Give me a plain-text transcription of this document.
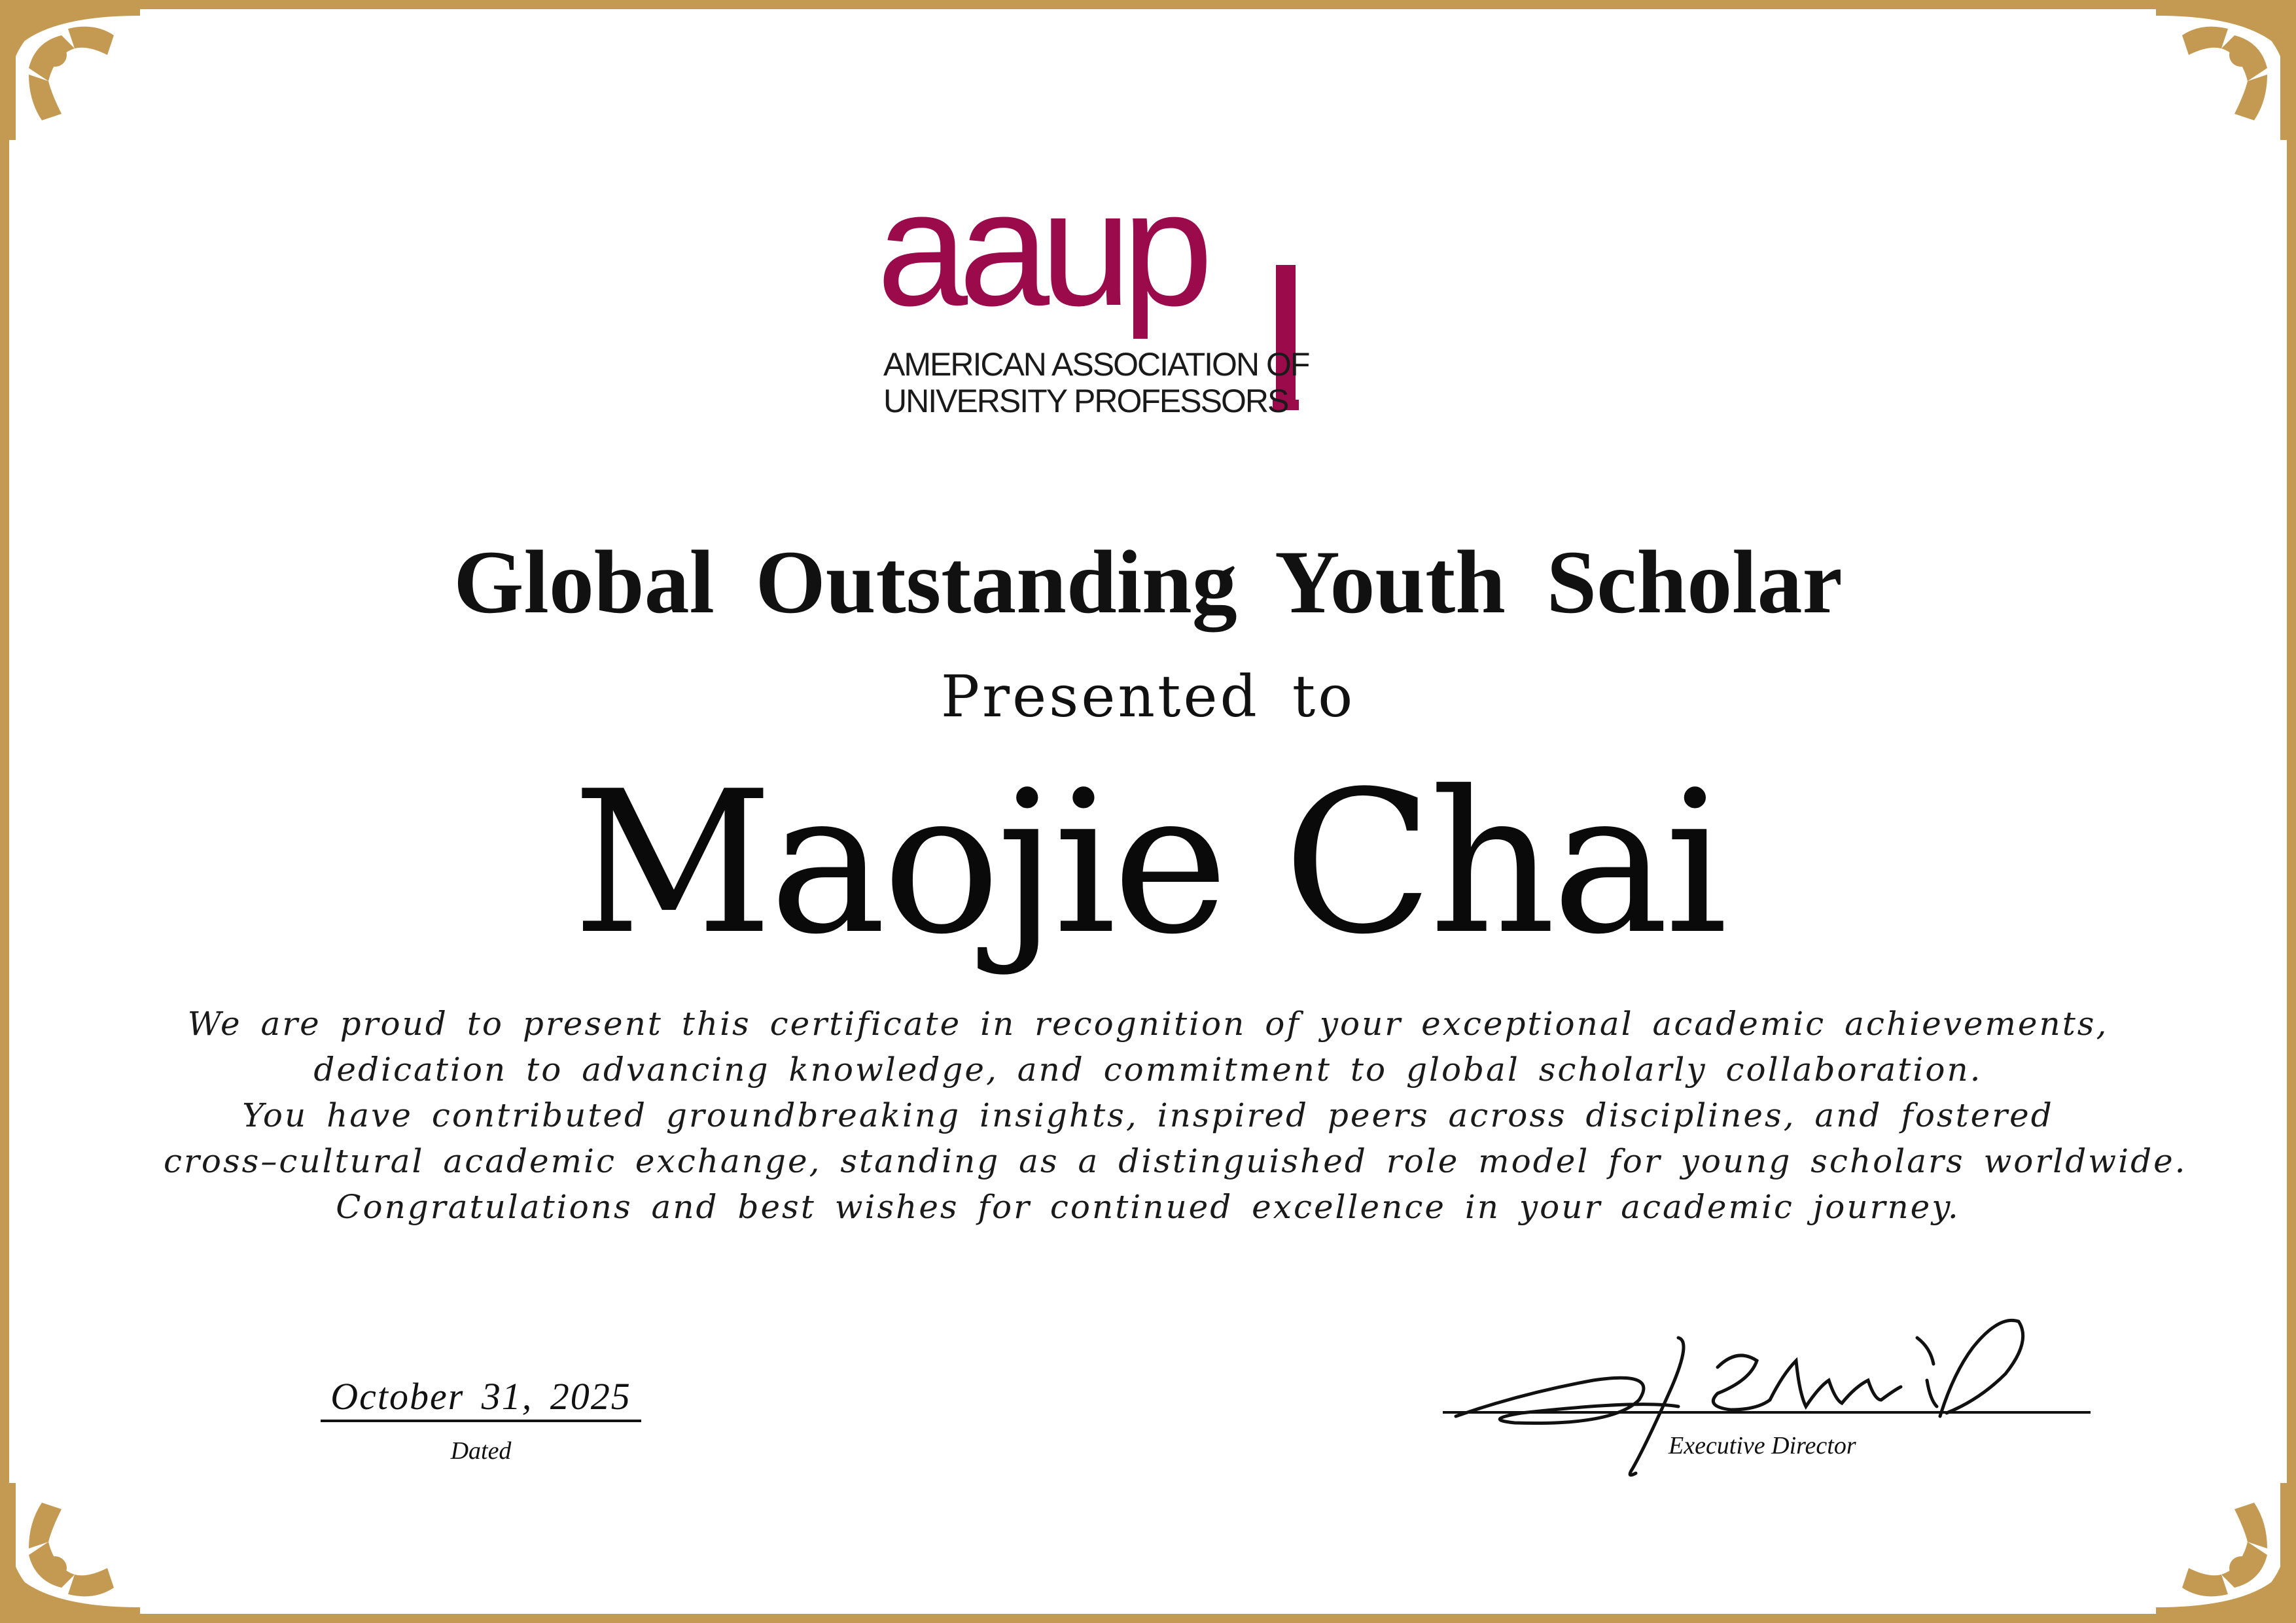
aaup
AMERICAN ASSOCIATION OF
UNIVERSITY PROFESSORS
Global Outstanding Youth Scholar
Presented to
Maojie Chai
We are proud to present this certificate in recognition of your exceptional academic achievements,
dedication to advancing knowledge, and commitment to global scholarly collaboration.
You have contributed groundbreaking insights, inspired peers across disciplines, and fostered
cross–cultural academic exchange, standing as a distinguished role model for young scholars worldwide.
Congratulations and best wishes for continued excellence in your academic journey.
October 31, 2025
Dated	Executive Director
